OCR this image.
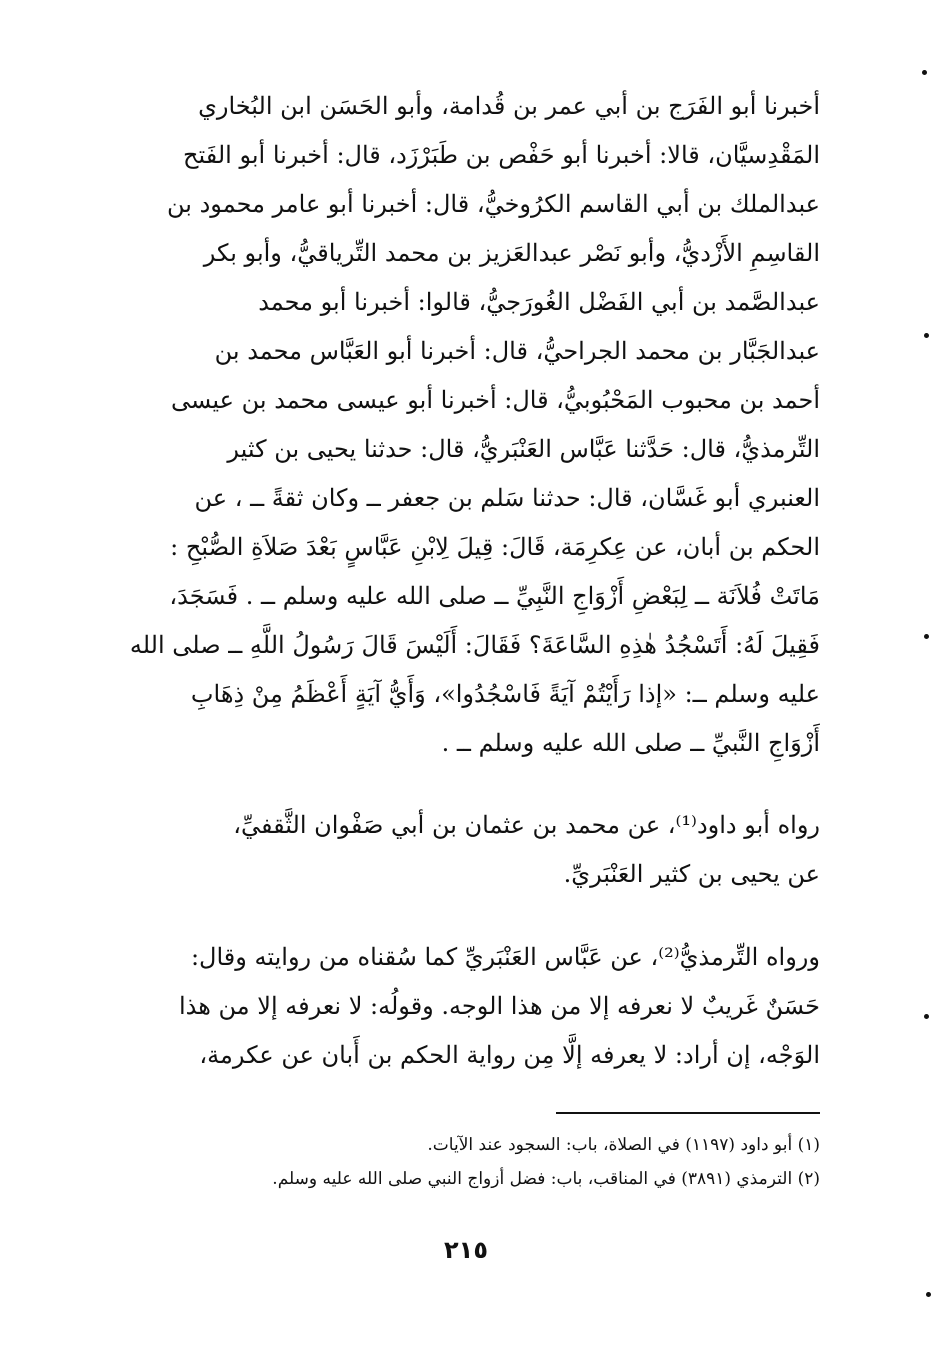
أخبرنا أبو الفَرَج بن أبي عمر بن قُدامة، وأبو الحَسَن ابن البُخاري
المَقْدِسيَّان، قالا: أخبرنا أبو حَفْص بن طَبَرْزَد، قال: أخبرنا أبو الفَتح
عبدالملك بن أبي القاسم الكرُوخيُّ، قال: أخبرنا أبو عامر محمود بن
القاسِمِ الأَزْديُّ، وأبو نَصْر عبدالعَزيز بن محمد التِّرياقيُّ، وأبو بكر
عبدالصَّمد بن أبي الفَضْل الغُورَجيُّ، قالوا: أخبرنا أبو محمد
عبدالجَبَّار بن محمد الجراحيُّ، قال: أخبرنا أبو العَبَّاس محمد بن
أحمد بن محبوب المَحْبُوبيُّ، قال: أخبرنا أبو عيسى محمد بن عيسى
التِّرمذيُّ، قال: حَدَّثنا عَبَّاس العَنْبَريُّ، قال: حدثنا يحيى بن كثير
العنبري أبو غَسَّان، قال: حدثنا سَلم بن جعفر ــ وكان ثقةً ــ ، عن
الحكم بن أبان، عن عِكرِمَة، قَالَ: قِيلَ لِابْنِ عَبَّاسٍ بَعْدَ صَلاَةِ الصُّبْحِ :
مَاتَتْ فُلاَنَة ــ لِبَعْضِ أَزْوَاجِ النَّبِيِّ ــ صلى الله عليه وسلم ــ . فَسَجَدَ،
فَقِيلَ لَهُ: أَتَسْجُدُ هٰذِهِ السَّاعَةَ؟ فَقَالَ: أَلَيْسَ قَالَ رَسُولُ اللَّهِ ــ صلى الله
عليه وسلم ــ: «إذا رَأَيْتُمْ آيَةً فَاسْجُدُوا»، وَأَيُّ آيَةٍ أَعْظَمُ مِنْ ذِهَابِ
أَزْوَاجِ النَّبيِّ ــ صلى الله عليه وسلم ــ .
رواه أبو داود⁽¹⁾، عن محمد بن عثمان بن أبي صَفْوان الثَّقفيِّ،
عن يحيى بن كثير العَنْبَريِّ.
ورواه التِّرمذيُّ⁽²⁾، عن عَبَّاس العَنْبَريِّ كما سُقناه من روايته وقال:
حَسَنٌ غَريبٌ لا نعرفه إلا من هذا الوجه. وقولُه: لا نعرفه إلا من هذا
الوَجْه، إن أراد: لا يعرفه إلَّا مِن رواية الحكم بن أَبان عن عكرمة،
(١) أبو داود (١١٩٧) في الصلاة، باب: السجود عند الآيات.
(٢) الترمذي (٣٨٩١) في المناقب، باب: فضل أزواج النبي صلى الله عليه وسلم.
٢١٥
